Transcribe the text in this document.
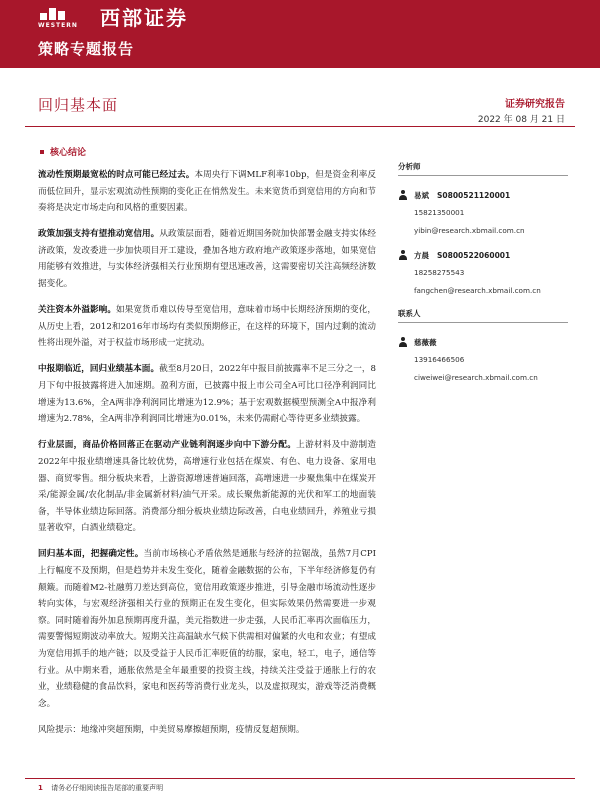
WESTERN 西部证券
策略专题报告
回归基本面	证券研究报告
2022 年 08 月 21 日
核心结论

流动性预期最宽松的时点可能已经过去。本周央行下调MLF利率10bp，但是资金利率反而低位回升，显示宏观流动性预期的变化正在悄然发生。未来宽货币到宽信用的方向和节奏将是决定市场走向和风格的重要因素。

政策加强支持有望推动宽信用。从政策层面看，随着近期国务院加快部署金融支持实体经济政策，发改委进一步加快项目开工建设，叠加各地方政府地产政策逐步落地，如果宽信用能够有效推进，与实体经济强相关行业预期有望迅速改善，这需要密切关注高频经济数据变化。

关注资本外溢影响。如果宽货币难以传导至宽信用，意味着市场中长期经济预期的变化，从历史上看，2012和2016年市场均有类似预期修正，在这样的环境下，国内过剩的流动性将出现外溢，对于权益市场形成一定扰动。

中报期临近，回归业绩基本面。截至8月20日，2022年中报目前披露率不足三分之一，8月下旬中报披露将进入加速期。盈利方面，已披露中报上市公司全A可比口径净利润同比增速为13.6%，全A两非净利润同比增速为12.9%；基于宏观数据模型预测全A中报净利增速为2.78%，全A两非净利润同比增速为0.01%，未来仍需耐心等待更多业绩披露。

行业层面，商品价格回落正在驱动产业链利润逐步向中下游分配。上游材料及中游制造2022年中报业绩增速具备比较优势，高增速行业包括在煤炭、有色、电力设备、家用电器、商贸零售。细分板块来看，上游资源增速普遍回落，高增速进一步聚焦集中在煤炭开采/能源金属/农化制品/非金属新材料/油气开采。成长聚焦新能源的光伏和军工的地面装备，半导体业绩边际回落。消费部分细分板块业绩边际改善，白电业绩回升，养殖业亏损显著收窄，白酒业绩稳定。

回归基本面，把握确定性。当前市场核心矛盾依然是通胀与经济的拉锯战，虽然7月CPI上行幅度不及预期，但是趋势并未发生变化，随着金融数据的公布，下半年经济修复仍有颠簸。而随着M2-社融剪刀差达到高位，宽信用政策逐步推进，引导金融市场流动性逐步转向实体，与宏观经济强相关行业的预期正在发生变化，但实际效果仍然需要进一步观察。同时随着海外加息预期再度升温，美元指数进一步走强，人民币汇率再次面临压力，需要警惕短期波动率放大。短期关注高温缺水气候下供需相对偏紧的火电和农业；有望成为宽信用抓手的地产链；以及受益于人民币汇率贬值的纺服，家电，轻工，电子，通信等行业。从中期来看，通胀依然是全年最重要的投资主线，持续关注受益于通胀上行的农业，业绩稳健的食品饮料，家电和医药等消费行业龙头，以及虚拟现实，游戏等泛消费概念。

风险提示：地缘冲突超预期，中美贸易摩擦超预期，疫情反复超预期。

分析师
易斌 S0800521120001
15821350001
yibin@research.xbmail.com.cn
方晨 S0800522060001
18258275543
fangchen@research.xbmail.com.cn
联系人
慈薇薇
13916466506
ciweiwei@research.xbmail.com.cn
1 请务必仔细阅读报告尾部的重要声明
